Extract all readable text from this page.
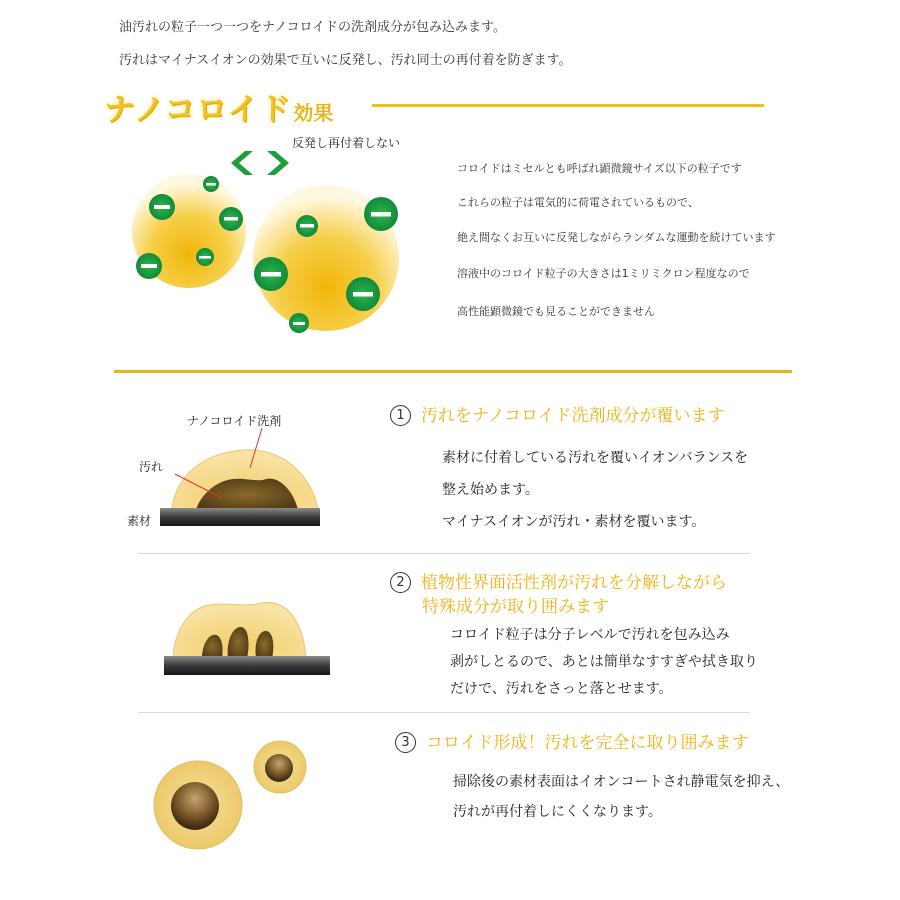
油汚れの粒子一つ一つをナノコロイドの洗剤成分が包み込みます。
汚れはマイナスイオンの効果で互いに反発し、汚れ同士の再付着を防ぎます。
ナノコロイド 効果
反発し再付着しない
コロイドはミセルとも呼ばれ顕微鏡サイズ以下の粒子です
これらの粒子は電気的に荷電されているもので、
絶え間なくお互いに反発しながらランダムな運動を続けています
溶液中のコロイド粒子の大きさは1ミリミクロン程度なので
高性能顕微鏡でも見ることができません
ナノコロイド洗剤
汚れ
素材
1 汚れをナノコロイド洗剤成分が覆います
素材に付着している汚れを覆いイオンバランスを
整え始めます。
マイナスイオンが汚れ・素材を覆います。
2 植物性界面活性剤が汚れを分解しながら
特殊成分が取り囲みます
コロイド粒子は分子レベルで汚れを包み込み
剥がしとるので、あとは簡単なすすぎや拭き取り
だけで、汚れをさっと落とせます。
3 コロイド形成！汚れを完全に取り囲みます
掃除後の素材表面はイオンコートされ静電気を抑え、
汚れが再付着しにくくなります。
